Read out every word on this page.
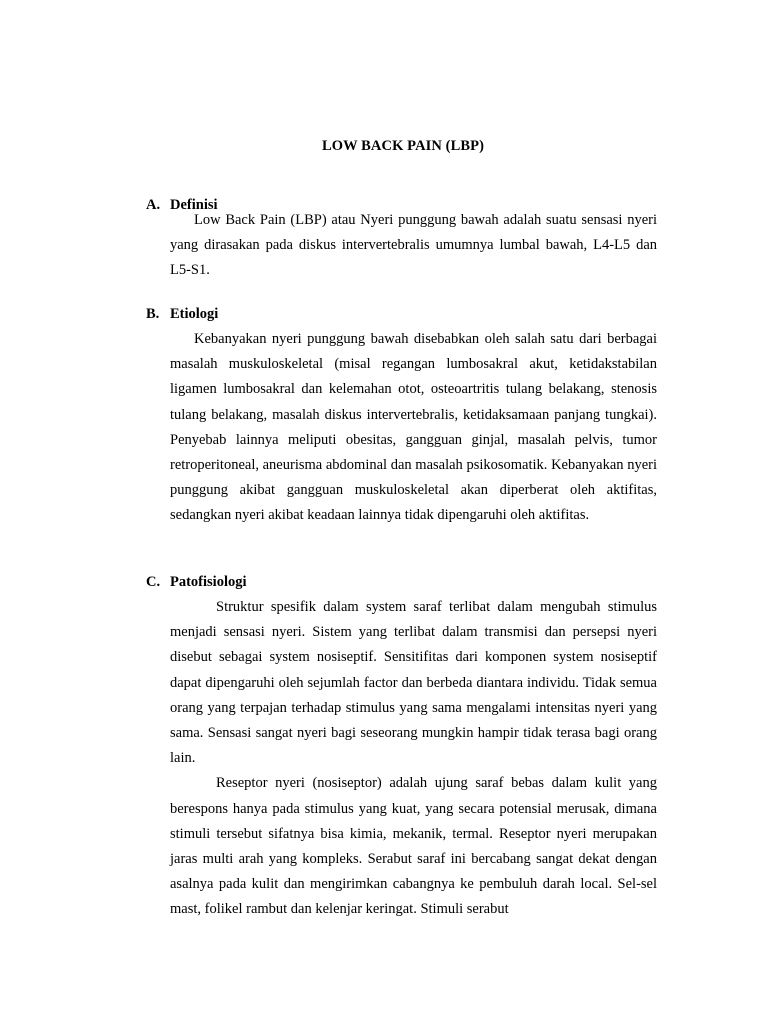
LOW BACK PAIN (LBP)
A. Definisi

Low Back Pain (LBP) atau Nyeri punggung bawah adalah suatu sensasi nyeri yang dirasakan pada diskus intervertebralis umumnya lumbal bawah, L4-L5 dan L5-S1.

B. Etiologi

Kebanyakan nyeri punggung bawah disebabkan oleh salah satu dari berbagai masalah muskuloskeletal (misal regangan lumbosakral akut, ketidakstabilan ligamen lumbosakral dan kelemahan otot, osteoartritis tulang belakang, stenosis tulang belakang, masalah diskus intervertebralis, ketidaksamaan panjang tungkai). Penyebab lainnya meliputi obesitas, gangguan ginjal, masalah pelvis, tumor retroperitoneal, aneurisma abdominal dan masalah psikosomatik. Kebanyakan nyeri punggung akibat gangguan muskuloskeletal akan diperberat oleh aktifitas, sedangkan nyeri akibat keadaan lainnya tidak dipengaruhi oleh aktifitas.

C. Patofisiologi

Struktur spesifik dalam system saraf terlibat dalam mengubah stimulus menjadi sensasi nyeri. Sistem yang terlibat dalam transmisi dan persepsi nyeri disebut sebagai system nosiseptif. Sensitifitas dari komponen system nosiseptif dapat dipengaruhi oleh sejumlah factor dan berbeda diantara individu. Tidak semua orang yang terpajan terhadap stimulus yang sama mengalami intensitas nyeri yang sama. Sensasi sangat nyeri bagi seseorang mungkin hampir tidak terasa bagi orang lain.

Reseptor nyeri (nosiseptor) adalah ujung saraf bebas dalam kulit yang berespons hanya pada stimulus yang kuat, yang secara potensial merusak, dimana stimuli tersebut sifatnya bisa kimia, mekanik, termal. Reseptor nyeri merupakan jaras multi arah yang kompleks. Serabut saraf ini bercabang sangat dekat dengan asalnya pada kulit dan mengirimkan cabangnya ke pembuluh darah local. Sel-sel mast, folikel rambut dan kelenjar keringat. Stimuli serabut
